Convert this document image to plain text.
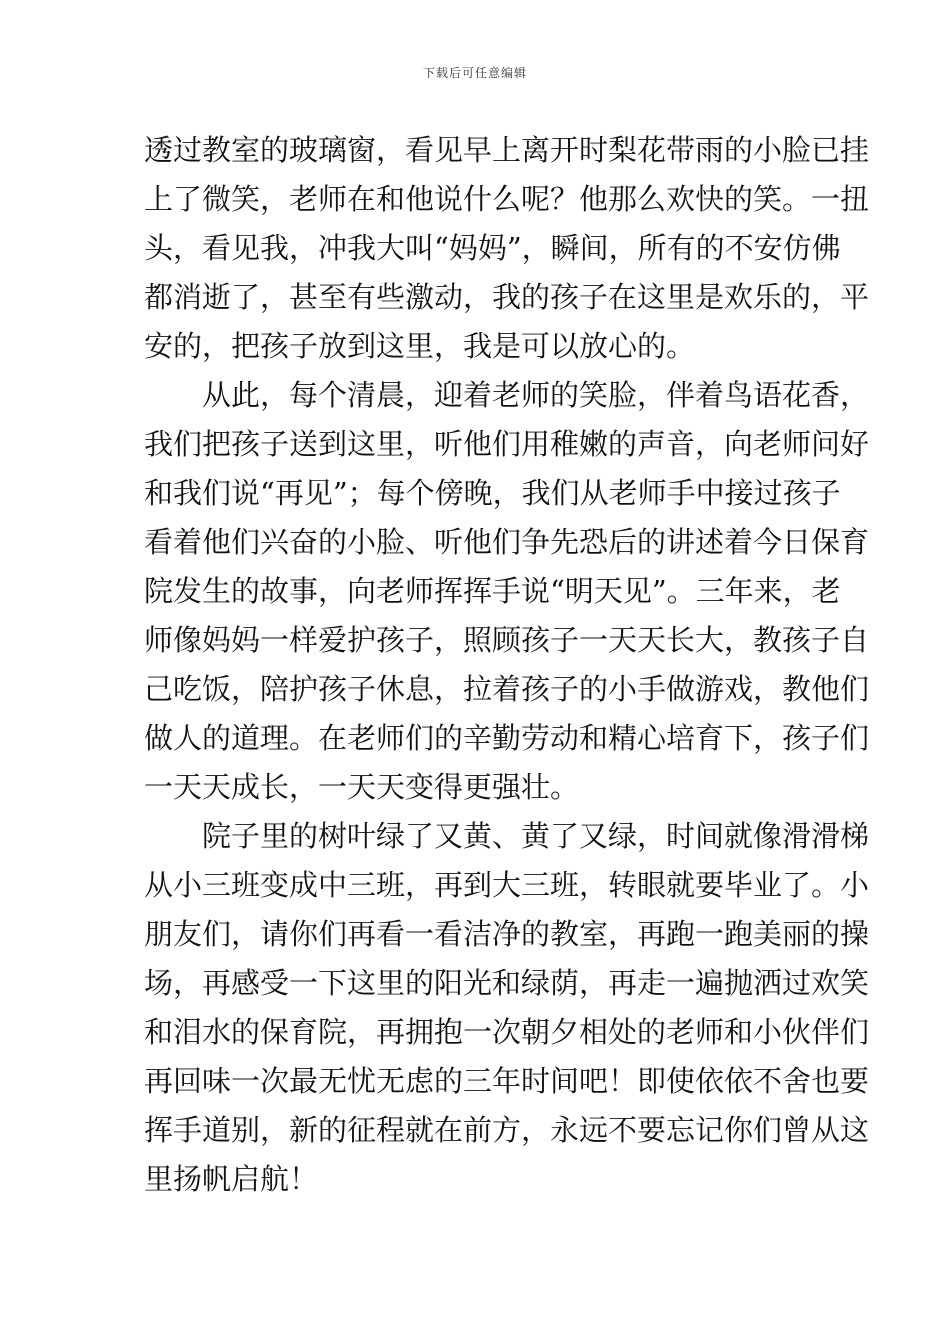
下载后可任意编辑
透过教室的玻璃窗，看见早上离开时梨花带雨的小脸已挂
上了微笑，老师在和他说什么呢？他那么欢快的笑。一扭
头，看见我，冲我大叫“妈妈”，瞬间，所有的不安仿佛
都消逝了，甚至有些激动，我的孩子在这里是欢乐的，平
安的，把孩子放到这里，我是可以放心的。
从此，每个清晨，迎着老师的笑脸，伴着鸟语花香，
我们把孩子送到这里，听他们用稚嫩的声音，向老师问好
和我们说“再见”；每个傍晚，我们从老师手中接过孩子
看着他们兴奋的小脸、听他们争先恐后的讲述着今日保育
院发生的故事，向老师挥挥手说“明天见”。三年来，老
师像妈妈一样爱护孩子，照顾孩子一天天长大，教孩子自
己吃饭，陪护孩子休息，拉着孩子的小手做游戏，教他们
做人的道理。在老师们的辛勤劳动和精心培育下，孩子们
一天天成长，一天天变得更强壮。
院子里的树叶绿了又黄、黄了又绿，时间就像滑滑梯
从小三班变成中三班，再到大三班，转眼就要毕业了。小
朋友们，请你们再看一看洁净的教室，再跑一跑美丽的操
场，再感受一下这里的阳光和绿荫，再走一遍抛洒过欢笑
和泪水的保育院，再拥抱一次朝夕相处的老师和小伙伴们
再回味一次最无忧无虑的三年时间吧！即使依依不舍也要
挥手道别，新的征程就在前方，永远不要忘记你们曾从这
里扬帆启航！
